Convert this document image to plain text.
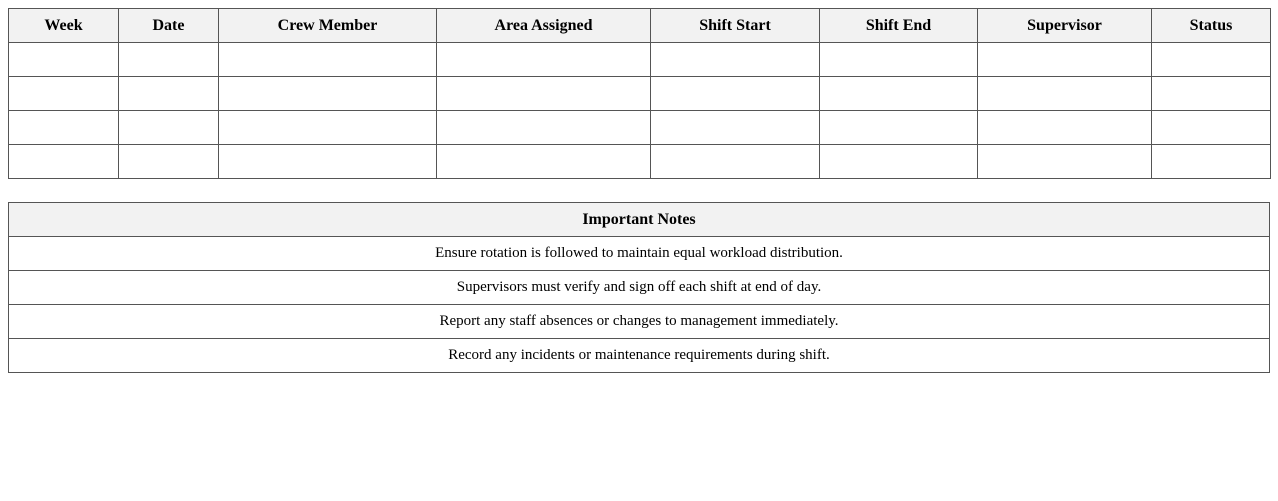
Week	Date	Crew Member	Area Assigned	Shift Start	Shift End	Supervisor	Status

Important Notes
Ensure rotation is followed to maintain equal workload distribution.
Supervisors must verify and sign off each shift at end of day.
Report any staff absences or changes to management immediately.
Record any incidents or maintenance requirements during shift.
